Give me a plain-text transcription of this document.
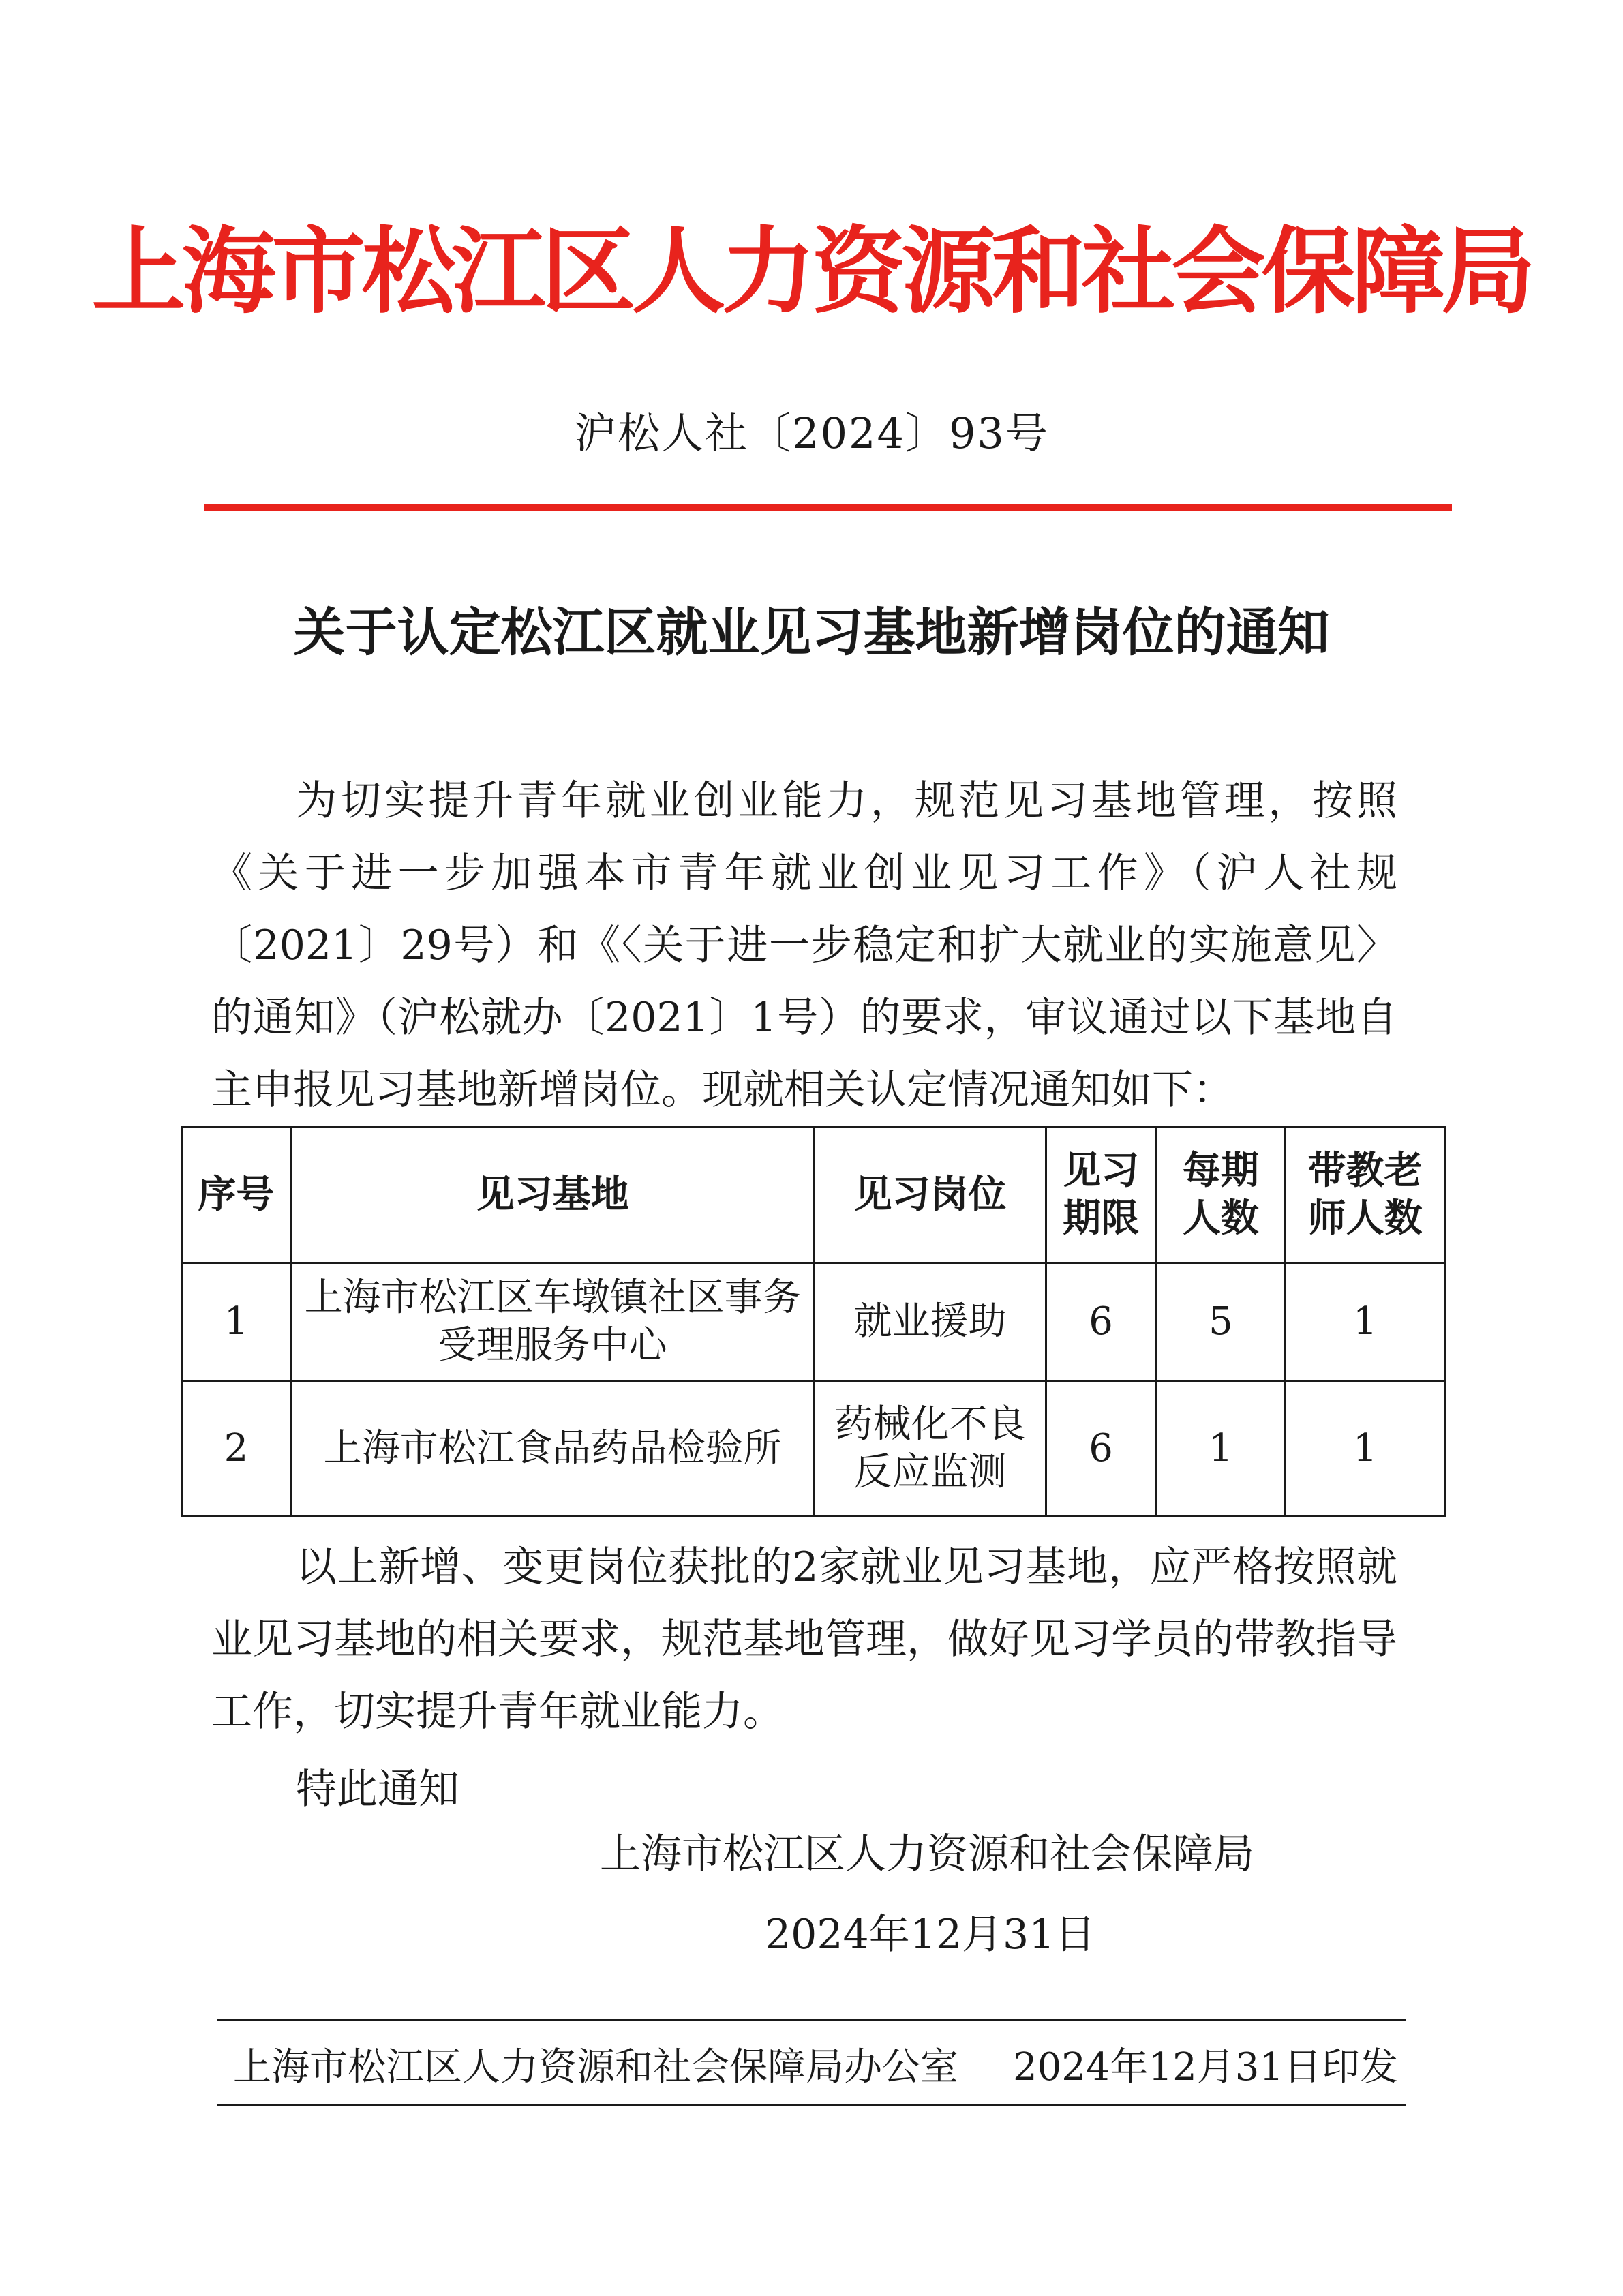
上海市松江区人力资源和社会保障局
沪松人社〔2024〕93号
关于认定松江区就业见习基地新增岗位的通知
为切实提升青年就业创业能力，规范见习基地管理，按照《关于进一步加强本市青年就业创业见习工作》（沪人社规〔2021〕29号）和《〈关于进一步稳定和扩大就业的实施意见〉的通知》（沪松就办〔2021〕1号）的要求，审议通过以下基地自主申报见习基地新增岗位。现就相关认定情况通知如下：
序号	见习基地	见习岗位	见习期限	每期人数	带教老师人数
1	上海市松江区车墩镇社区事务受理服务中心	就业援助	6	5	1
2	上海市松江食品药品检验所	药械化不良反应监测	6	1	1
以上新增、变更岗位获批的2家就业见习基地，应严格按照就业见习基地的相关要求，规范基地管理，做好见习学员的带教指导工作，切实提升青年就业能力。
特此通知
上海市松江区人力资源和社会保障局
2024年12月31日
上海市松江区人力资源和社会保障局办公室 2024年12月31日印发
